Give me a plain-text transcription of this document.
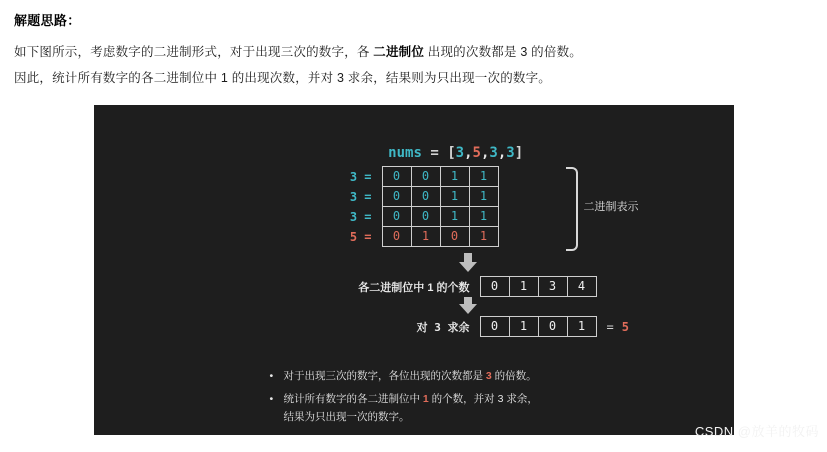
解题思路：

如下图所示，考虑数字的二进制形式，对于出现三次的数字，各 二进制位 出现的次数都是 3 的倍数。

因此，统计所有数字的各二进制位中 1 的出现次数，并对 3 求余，结果则为只出现一次的数字。

nums = [3,5,3,3]

3 =	0	0	1	1
3 =	0	0	1	1
3 =	0	0	1	1
5 =	0	1	0	1
二进制表示
各二进制位中 1 的个数	0	1	3	4
对 3 求余	0	1	0	1	= 5
• 对于出现三次的数字，各位出现的次数都是 3 的倍数。
• 统计所有数字的各二进制位中 1 的个数，并对 3 求余，
结果为只出现一次的数字。
CSDN @放羊的牧码
